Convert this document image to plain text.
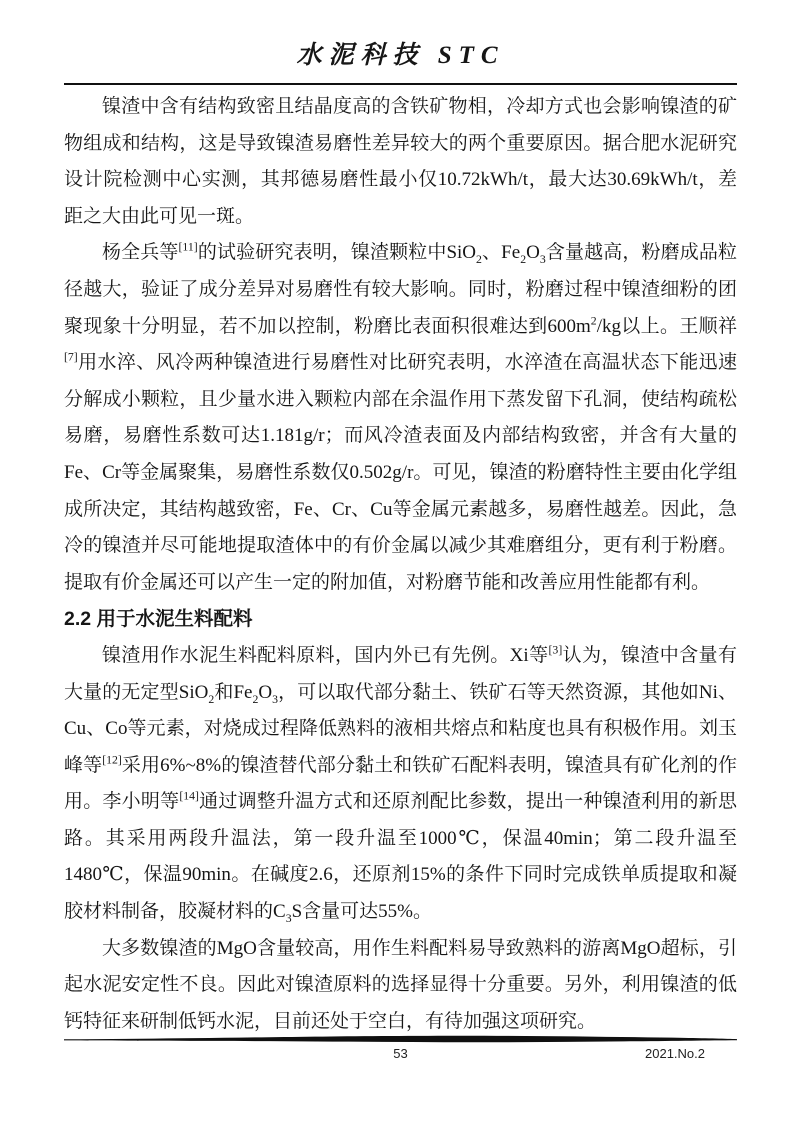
水泥科技 STC

镍渣中含有结构致密且结晶度高的含铁矿物相，冷却方式也会影响镍渣的矿物组成和结构，这是导致镍渣易磨性差异较大的两个重要原因。据合肥水泥研究设计院检测中心实测，其邦德易磨性最小仅10.72kWh/t，最大达30.69kWh/t，差距之大由此可见一斑。

杨全兵等[11]的试验研究表明，镍渣颗粒中SiO$_2$、$Fe_2O_3$含量越高，粉磨成品粒径越大，验证了成分差异对易磨性有较大影响。同时，粉磨过程中镍渣细粉的团聚现象十分明显，若不加以控制，粉磨比表面积很难达到$600m^2/kg$以上。王顺祥[7]用水淬、风冷两种镍渣进行易磨性对比研究表明，水淬渣在高温状态下能迅速分解成小颗粒，且少量水进入颗粒内部在余温作用下蒸发留下孔洞，使结构疏松易磨，易磨性系数可达1.181g/r；而风冷渣表面及内部结构致密，并含有大量的Fe、Cr等金属聚集，易磨性系数仅0.502g/r。可见，镍渣的粉磨特性主要由化学组成所决定，其结构越致密，Fe、Cr、Cu等金属元素越多，易磨性越差。因此，急冷的镍渣并尽可能地提取渣体中的有价金属以减少其难磨组分，更有利于粉磨。提取有价金属还可以产生一定的附加值，对粉磨节能和改善应用性能都有利。

2.2 用于水泥生料配料

镍渣用作水泥生料配料原料，国内外已有先例。Xi等[3]认为，镍渣中含量有大量的无定型SiO$_2$和$Fe_2O_3$，可以取代部分黏土、铁矿石等天然资源，其他如Ni、Cu、Co等元素，对烧成过程降低熟料的液相共熔点和粘度也具有积极作用。刘玉峰等[12]采用6%~8%的镍渣替代部分黏土和铁矿石配料表明，镍渣具有矿化剂的作用。李小明等[14]通过调整升温方式和还原剂配比参数，提出一种镍渣利用的新思路。其采用两段升温法，第一段升温至1000℃，保温40min；第二段升温至1480℃，保温90min。在碱度2.6，还原剂15%的条件下同时完成铁单质提取和凝胶材料制备，胶凝材料的$C_3S$含量可达55%。

大多数镍渣的MgO含量较高，用作生料配料易导致熟料的游离MgO超标，引起水泥安定性不良。因此对镍渣原料的选择显得十分重要。另外，利用镍渣的低钙特征来研制低钙水泥，目前还处于空白，有待加强这项研究。

53	2021.No.2
